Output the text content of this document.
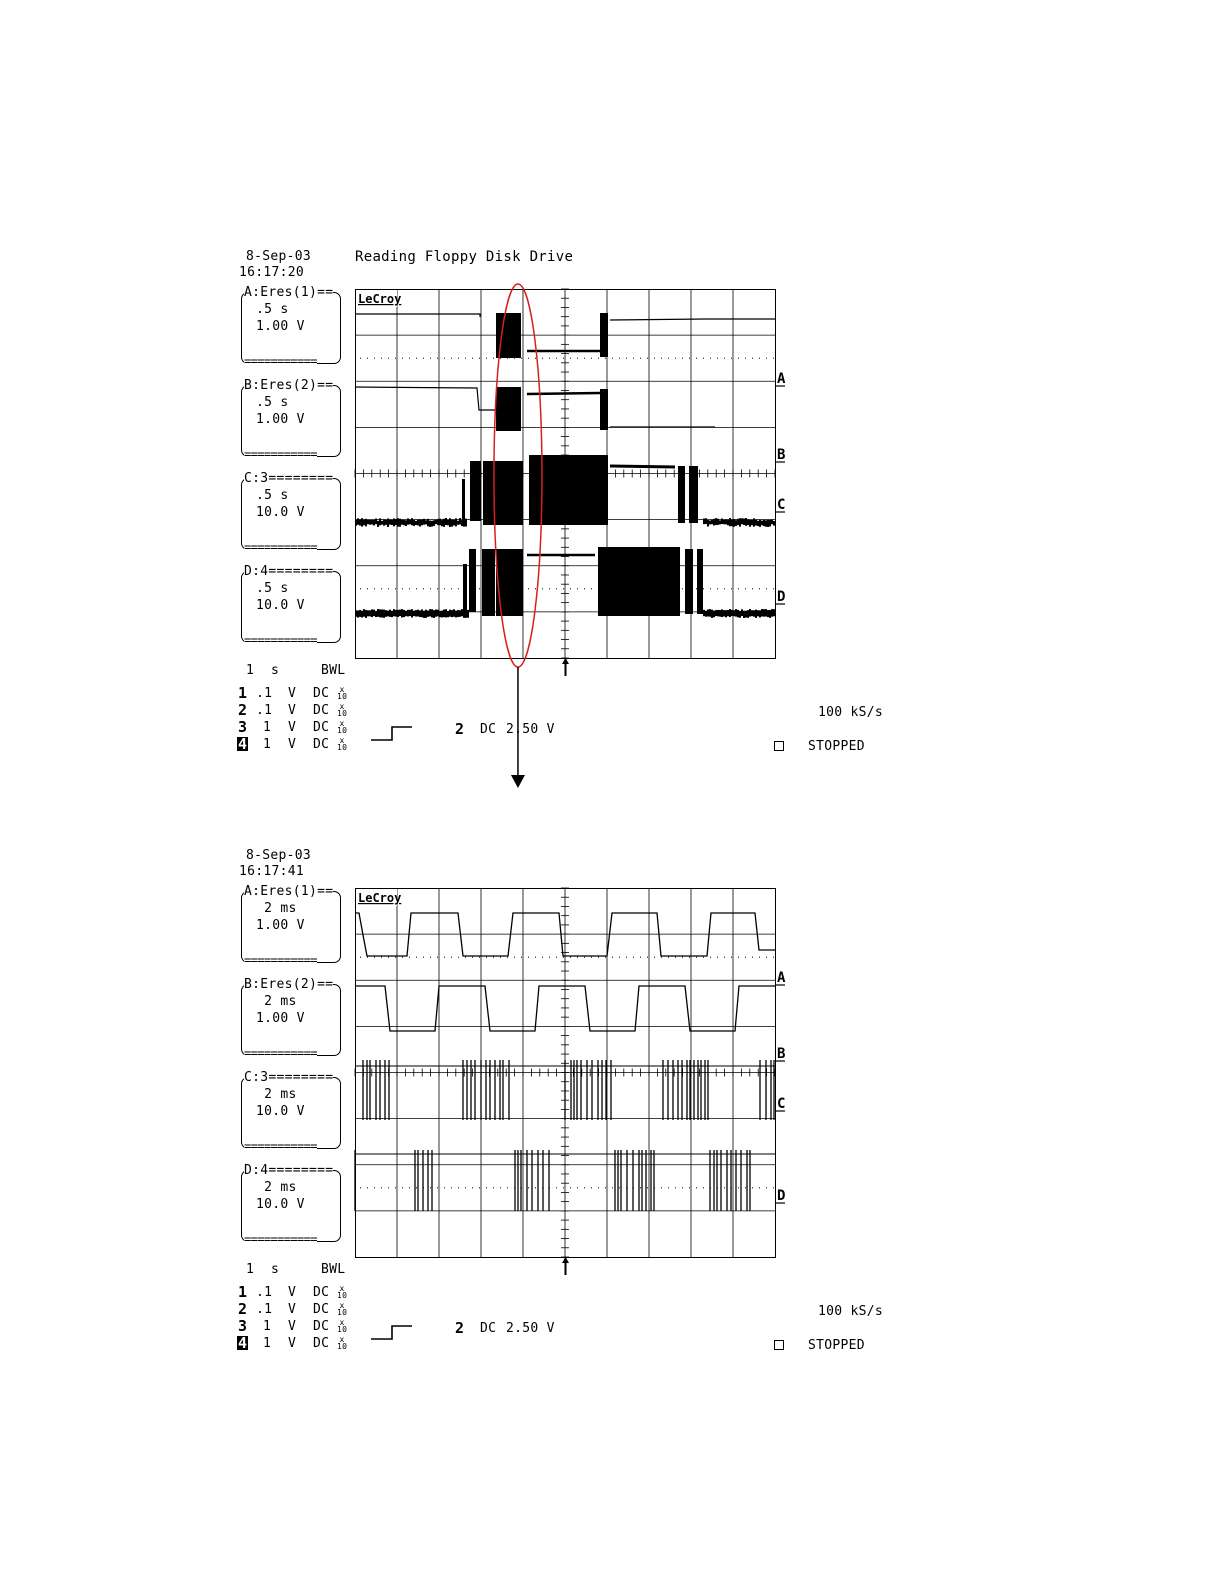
8-Sep-03
16:17:20
Reading Floppy Disk Drive
A:Eres(1)==
.5 s
1.00 V
===========
B:Eres(2)==
.5 s
1.00 V
===========
C:3========
.5 s
10.0 V
===========
D:4========
.5 s
10.0 V
===========
1 s	BWL
1 .1 V DC	x
10
2 .1 V DC	x
10
3 1 V DC	x
10
4 1 V DC	x
10
2 DC 2.50 V
100 kS/s
STOPPED
LeCroy
A
B
C
D
8-Sep-03
16:17:41
A:Eres(1)==
2 ms
1.00 V
===========
B:Eres(2)==
2 ms
1.00 V
===========
C:3========
2 ms
10.0 V
===========
D:4========
2 ms
10.0 V
===========
1 s	BWL
1 .1 V DC	x
10
2 .1 V DC	x
10
3 1 V DC	x
10
4 1 V DC	x
10
2 DC 2.50 V
100 kS/s
STOPPED
LeCroy
A
B
C
D
